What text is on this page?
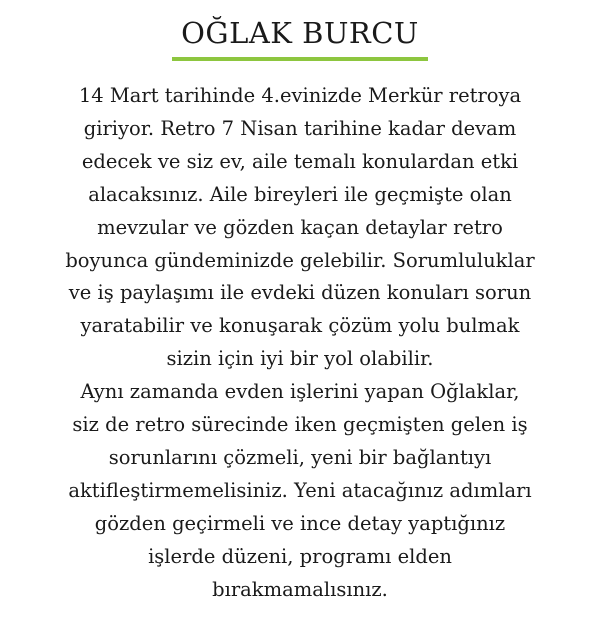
OĞLAK BURCU
14 Mart tarihinde 4.evinizde Merkür retroya
giriyor. Retro 7 Nisan tarihine kadar devam
edecek ve siz ev, aile temalı konulardan etki
alacaksınız. Aile bireyleri ile geçmişte olan
mevzular ve gözden kaçan detaylar retro
boyunca gündeminizde gelebilir. Sorumluluklar
ve iş paylaşımı ile evdeki düzen konuları sorun
yaratabilir ve konuşarak çözüm yolu bulmak
sizin için iyi bir yol olabilir.
Aynı zamanda evden işlerini yapan Oğlaklar,
siz de retro sürecinde iken geçmişten gelen iş
sorunlarını çözmeli, yeni bir bağlantıyı
aktifleştirmemelisiniz. Yeni atacağınız adımları
gözden geçirmeli ve ince detay yaptığınız
işlerde düzeni, programı elden
bırakmamalısınız.
